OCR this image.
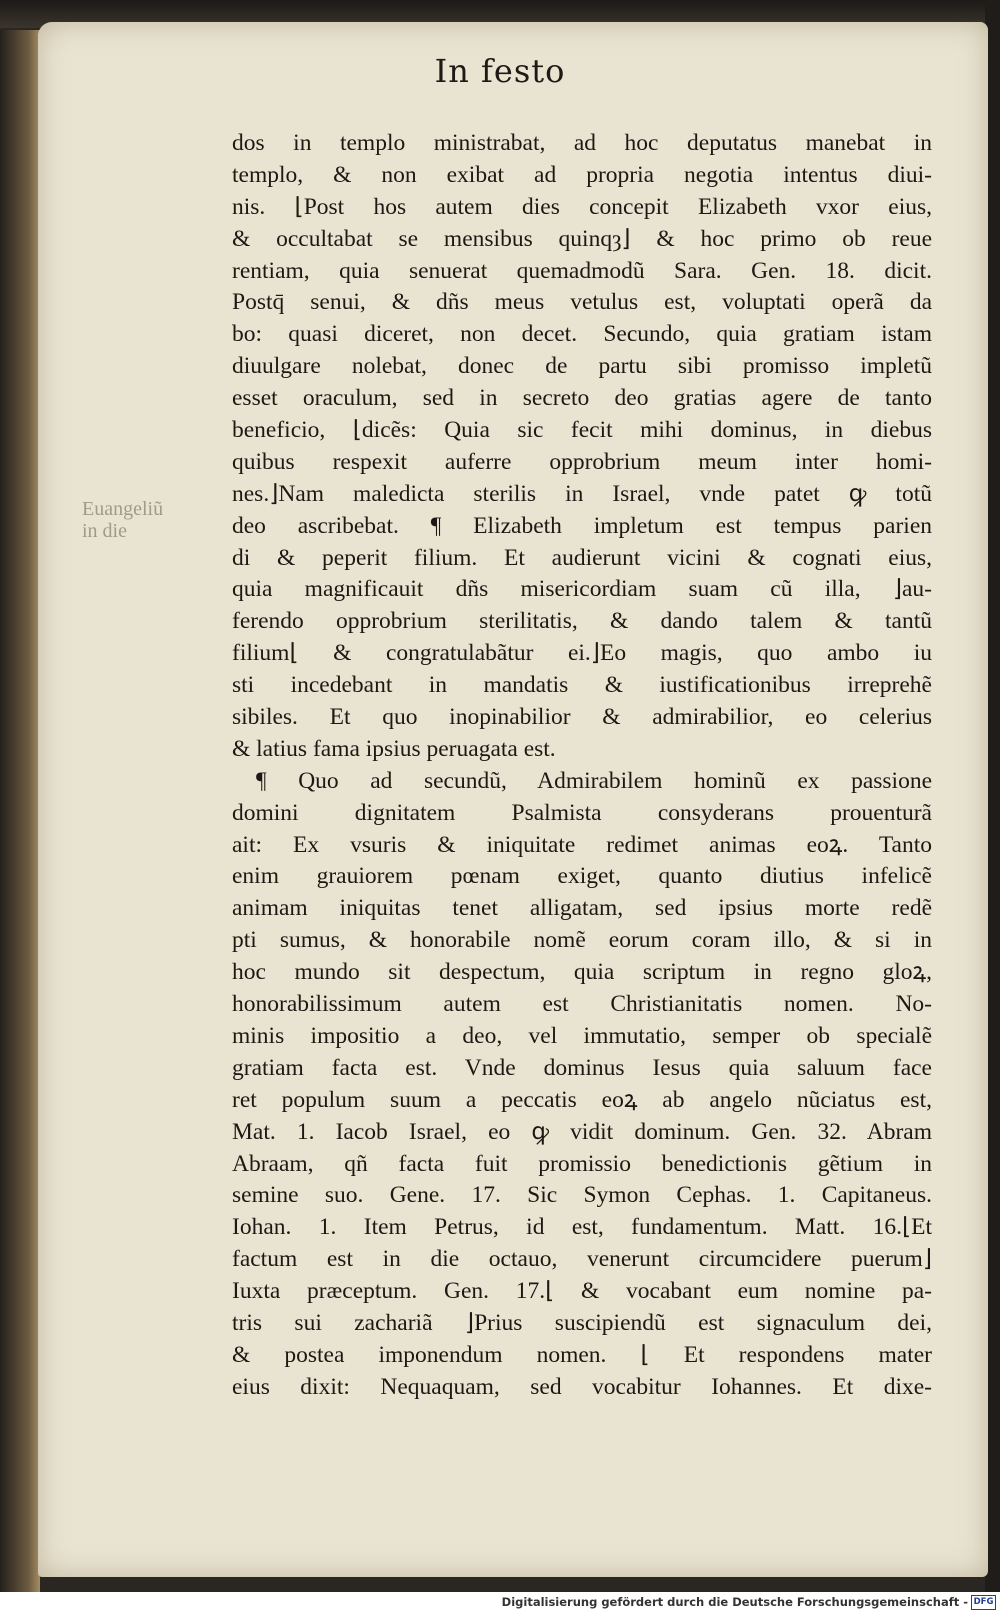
In festo
Euangeliũ
in die
dos in templo ministrabat, ad hoc deputatus manebat in
templo, & non exibat ad propria negotia intentus diui-
nis. ⌊Post hos autem dies concepit Elizabeth vxor eius,
& occultabat se mensibus quinqȝ⌋ & hoc primo ob reue
rentiam, quia senuerat quemadmodũ Sara. Gen. 18. dicit.
Postq̄ senui, & dñs meus vetulus est, voluptati operã da
bo: quasi diceret, non decet. Secundo, quia gratiam istam
diuulgare nolebat, donec de partu sibi promisso impletũ
esset oraculum, sed in secreto deo gratias agere de tanto
beneficio, ⌊dicẽs: Quia sic fecit mihi dominus, in diebus
quibus respexit auferre opprobrium meum inter homi-
nes.⌋Nam maledicta sterilis in Israel, vnde patet ꝙ totũ
deo ascribebat. ¶ Elizabeth impletum est tempus parien
di & peperit filium. Et audierunt vicini & cognati eius,
quia magnificauit dñs misericordiam suam cũ illa, ⌋au-
ferendo opprobrium sterilitatis, & dando talem & tantũ
filium⌊ & congratulabãtur ei.⌋Eo magis, quo ambo iu
sti incedebant in mandatis & iustificationibus irreprehẽ
sibiles. Et quo inopinabilior & admirabilior, eo celerius
& latius fama ipsius peruagata est.
¶ Quo ad secundũ, Admirabilem hominũ ex passione
domini dignitatem Psalmista consyderans prouenturã
ait: Ex vsuris & iniquitate redimet animas eoꝝ. Tanto
enim grauiorem pœnam exiget, quanto diutius infelicẽ
animam iniquitas tenet alligatam, sed ipsius morte redẽ
pti sumus, & honorabile nomẽ eorum coram illo, & si in
hoc mundo sit despectum, quia scriptum in regno gloꝝ,
honorabilissimum autem est Christianitatis nomen. No-
minis impositio a deo, vel immutatio, semper ob specialẽ
gratiam facta est. Vnde dominus Iesus quia saluum face
ret populum suum a peccatis eoꝝ ab angelo nũciatus est,
Mat. 1. Iacob Israel, eo ꝙ vidit dominum. Gen. 32. Abram
Abraam, qñ facta fuit promissio benedictionis gẽtium in
semine suo. Gene. 17. Sic Symon Cephas. 1. Capitaneus.
Iohan. 1. Item Petrus, id est, fundamentum. Matt. 16.⌊Et
factum est in die octauo, venerunt circumcidere puerum⌋
Iuxta præceptum. Gen. 17.⌊ & vocabant eum nomine pa-
tris sui zachariã ⌋Prius suscipiendũ est signaculum dei,
& postea imponendum nomen. ⌊ Et respondens mater
eius dixit: Nequaquam, sed vocabitur Iohannes. Et dixe-
Digitalisierung gefördert durch die Deutsche Forschungsgemeinschaft - DFG
